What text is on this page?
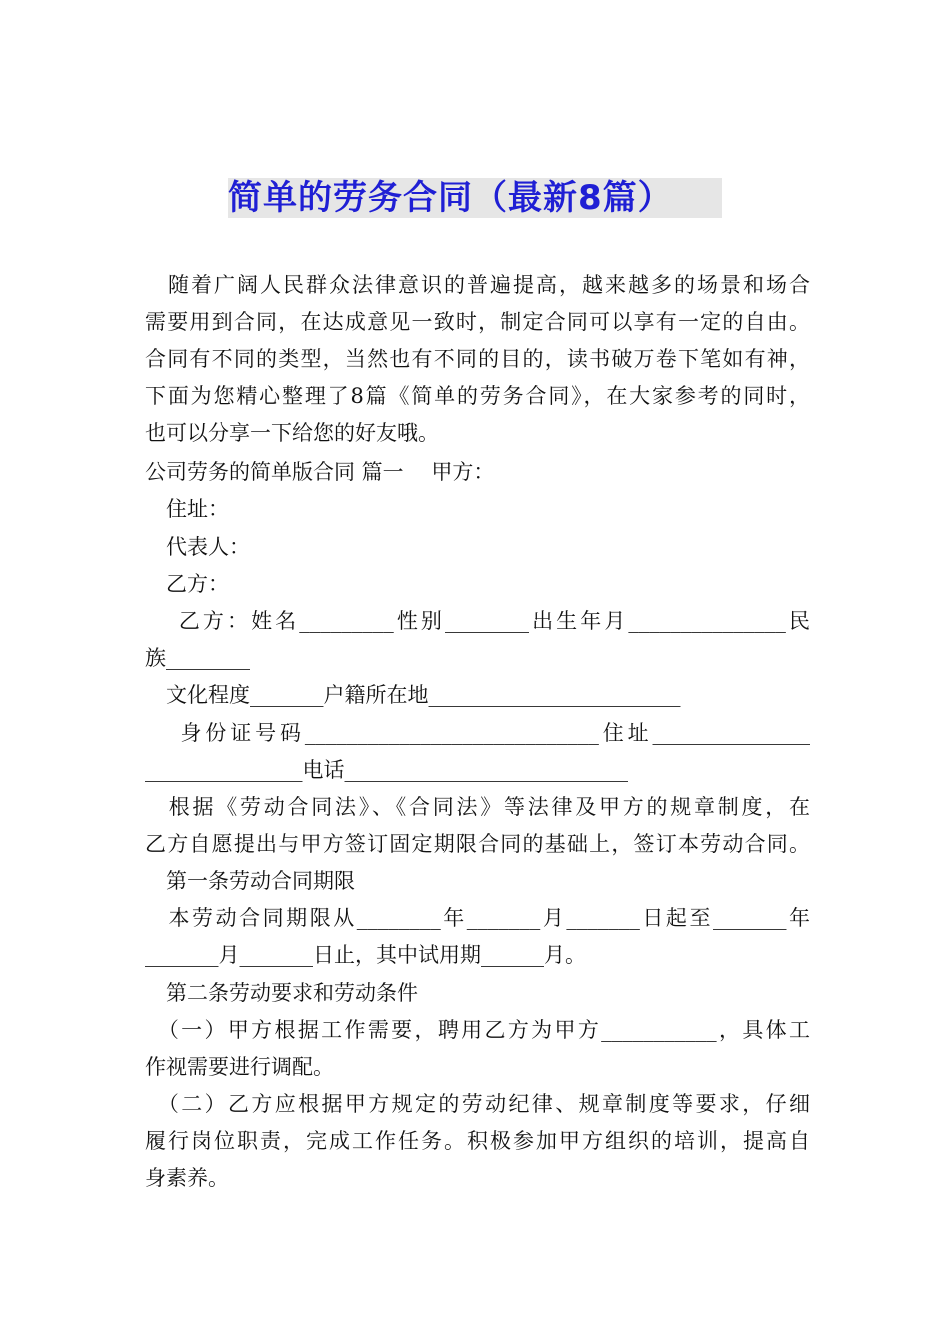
简单的劳务合同（最新8篇）
　随着广阔人民群众法律意识的普遍提高，越来越多的场景和场合
需要用到合同，在达成意见一致时，制定合同可以享有一定的自由。
合同有不同的类型，当然也有不同的目的，读书破万卷下笔如有神，
下面为您精心整理了8篇《简单的劳务合同》，在大家参考的同时，
也可以分享一下给您的好友哦。
公司劳务的简单版合同 篇一　 甲方：
　住址：
　代表人：
　乙方：
　 乙方：姓名_________性别________出生年月_______________民
族________
　文化程度_______户籍所在地________________________
　 身份证号码____________________________住址_______________
_______________电话___________________________
　根据《劳动合同法》、《合同法》等法律及甲方的规章制度，在
乙方自愿提出与甲方签订固定期限合同的基础上，签订本劳动合同。
　第一条劳动合同期限
　本劳动合同期限从________年_______月_______日起至_______年
_______月_______日止，其中试用期______月。
　第二条劳动要求和劳动条件
　（一）甲方根据工作需要，聘用乙方为甲方___________，具体工
作视需要进行调配。
　（二）乙方应根据甲方规定的劳动纪律、规章制度等要求，仔细
履行岗位职责，完成工作任务。积极参加甲方组织的培训，提高自
身素养。
